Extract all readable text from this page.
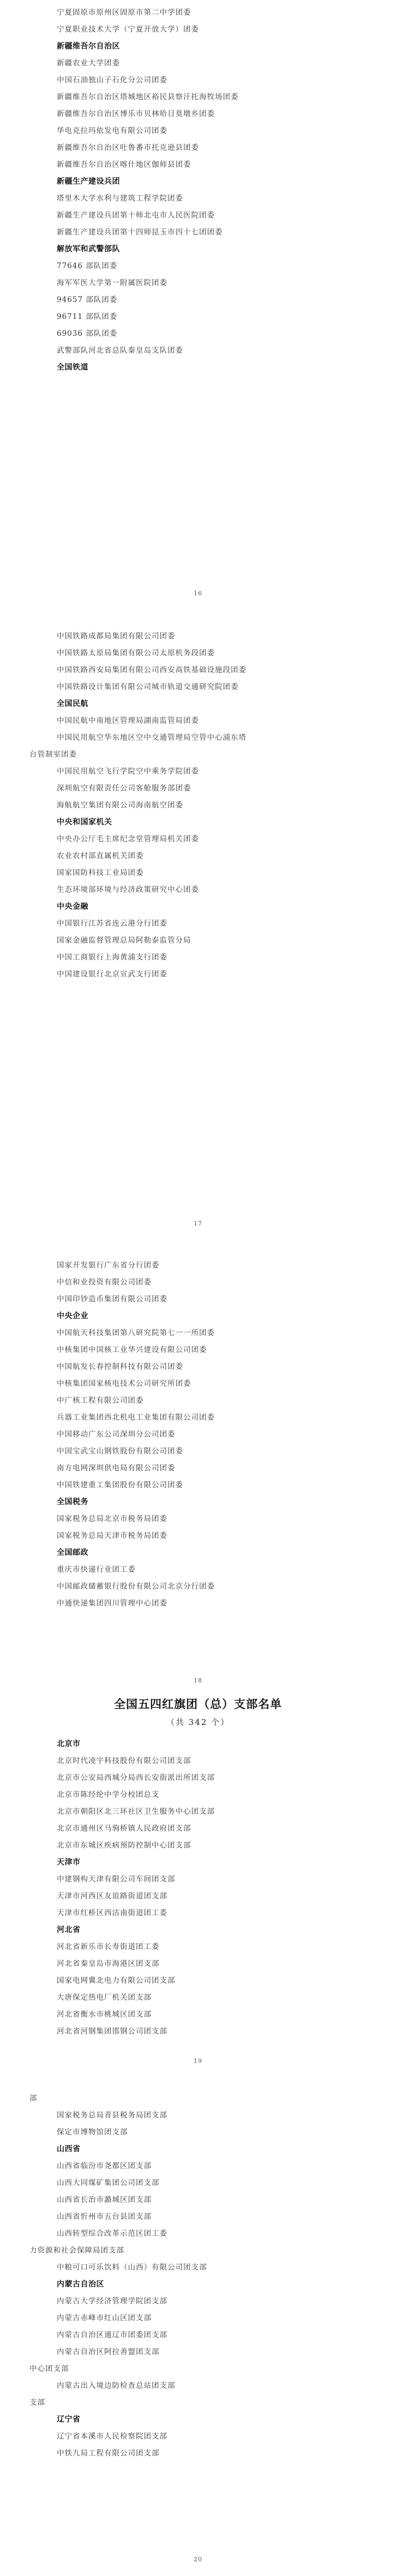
宁夏固原市原州区固原市第二中学团委
宁夏职业技术大学（宁夏开放大学）团委
新疆维吾尔自治区
新疆农业大学团委
中国石油独山子石化分公司团委
新疆维吾尔自治区塔城地区裕民县察汗托海牧场团委
新疆维吾尔自治区博乐市贝林哈日莫墩乡团委
华电克拉玛依发电有限公司团委
新疆维吾尔自治区吐鲁番市托克逊县团委
新疆维吾尔自治区喀什地区伽师县团委
新疆生产建设兵团
塔里木大学水利与建筑工程学院团委
新疆生产建设兵团第十师北屯市人民医院团委
新疆生产建设兵团第十四师昆玉市四十七团团委
解放军和武警部队
77646 部队团委
海军军医大学第一附属医院团委
94657 部队团委
96711 部队团委
69036 部队团委
武警部队河北省总队秦皇岛支队团委
全国铁道
16
中国铁路成都局集团有限公司团委
中国铁路太原局集团有限公司太原机务段团委
中国铁路西安局集团有限公司西安高铁基础设施段团委
中国铁路设计集团有限公司城市轨道交通研究院团委
全国民航
中国民航中南地区管理局湖南监管局团委
中国民用航空华东地区空中交通管理局空管中心浦东塔
台管制室团委
中国民用航空飞行学院空中乘务学院团委
深圳航空有限责任公司客舱服务部团委
海航航空集团有限公司海南航空团委
中央和国家机关
中央办公厅毛主席纪念堂管理局机关团委
农业农村部直属机关团委
国家国防科技工业局团委
生态环境部环境与经济政策研究中心团委
中央金融
中国银行江苏省连云港分行团委
国家金融监督管理总局阿勒泰监管分局
中国工商银行上海黄浦支行团委
中国建设银行北京宣武支行团委
17
国家开发银行广东省分行团委
中信和业投资有限公司团委
中国印钞造币集团有限公司团委
中央企业
中国航天科技集团第八研究院第七一一所团委
中核集团中国核工业华兴建设有限公司团委
中国航发长春控制科技有限公司团委
中核集团国家核电技术公司研究所团委
中广核工程有限公司团委
兵器工业集团西北机电工业集团有限公司团委
中国移动广东公司深圳分公司团委
中国宝武宝山钢铁股份有限公司团委
南方电网深圳供电局有限公司团委
中国铁建重工集团股份有限公司团委
全国税务
国家税务总局北京市税务局团委
国家税务总局天津市税务局团委
全国邮政
重庆市快递行业团工委
中国邮政储蓄银行股份有限公司北京分行团委
中通快递集团四川管理中心团委
18
全国五四红旗团（总）支部名单
（共 342 个）
北京市
北京时代凌宇科技股份有限公司团支部
北京市公安局西城分局西长安街派出所团支部
北京市陈经纶中学分校团总支
北京市朝阳区北三环社区卫生服务中心团支部
北京市通州区马驹桥镇人民政府团支部
北京市东城区疾病预防控制中心团支部
天津市
中建钢构天津有限公司车间团支部
天津市河西区友谊路街道团支部
天津市红桥区西沽南街道团工委
河北省
河北省新乐市长寿街道团工委
河北省秦皇岛市海港区团支部
国家电网冀北电力有限公司团支部
大唐保定热电厂机关团支部
河北省衡水市桃城区团支部
河北省河钢集团邯钢公司团支部
19
部
国家税务总局青县税务局团支部
保定市博物馆团支部
山西省
山西省临汾市尧都区团支部
山西大同煤矿集团公司团支部
山西省长治市潞城区团支部
山西省忻州市五台县团支部
山西转型综合改革示范区团工委
力资源和社会保障局团支部
中粮可口可乐饮料（山西）有限公司团支部
内蒙古自治区
内蒙古大学经济管理学院团支部
内蒙古赤峰市红山区团支部
内蒙古自治区通辽市团委团支部
内蒙古自治区阿拉善盟团支部
中心团支部
内蒙古出入境边防检查总站团支部
支部
辽宁省
辽宁省本溪市人民检察院团支部
中铁九局工程有限公司团支部
20
